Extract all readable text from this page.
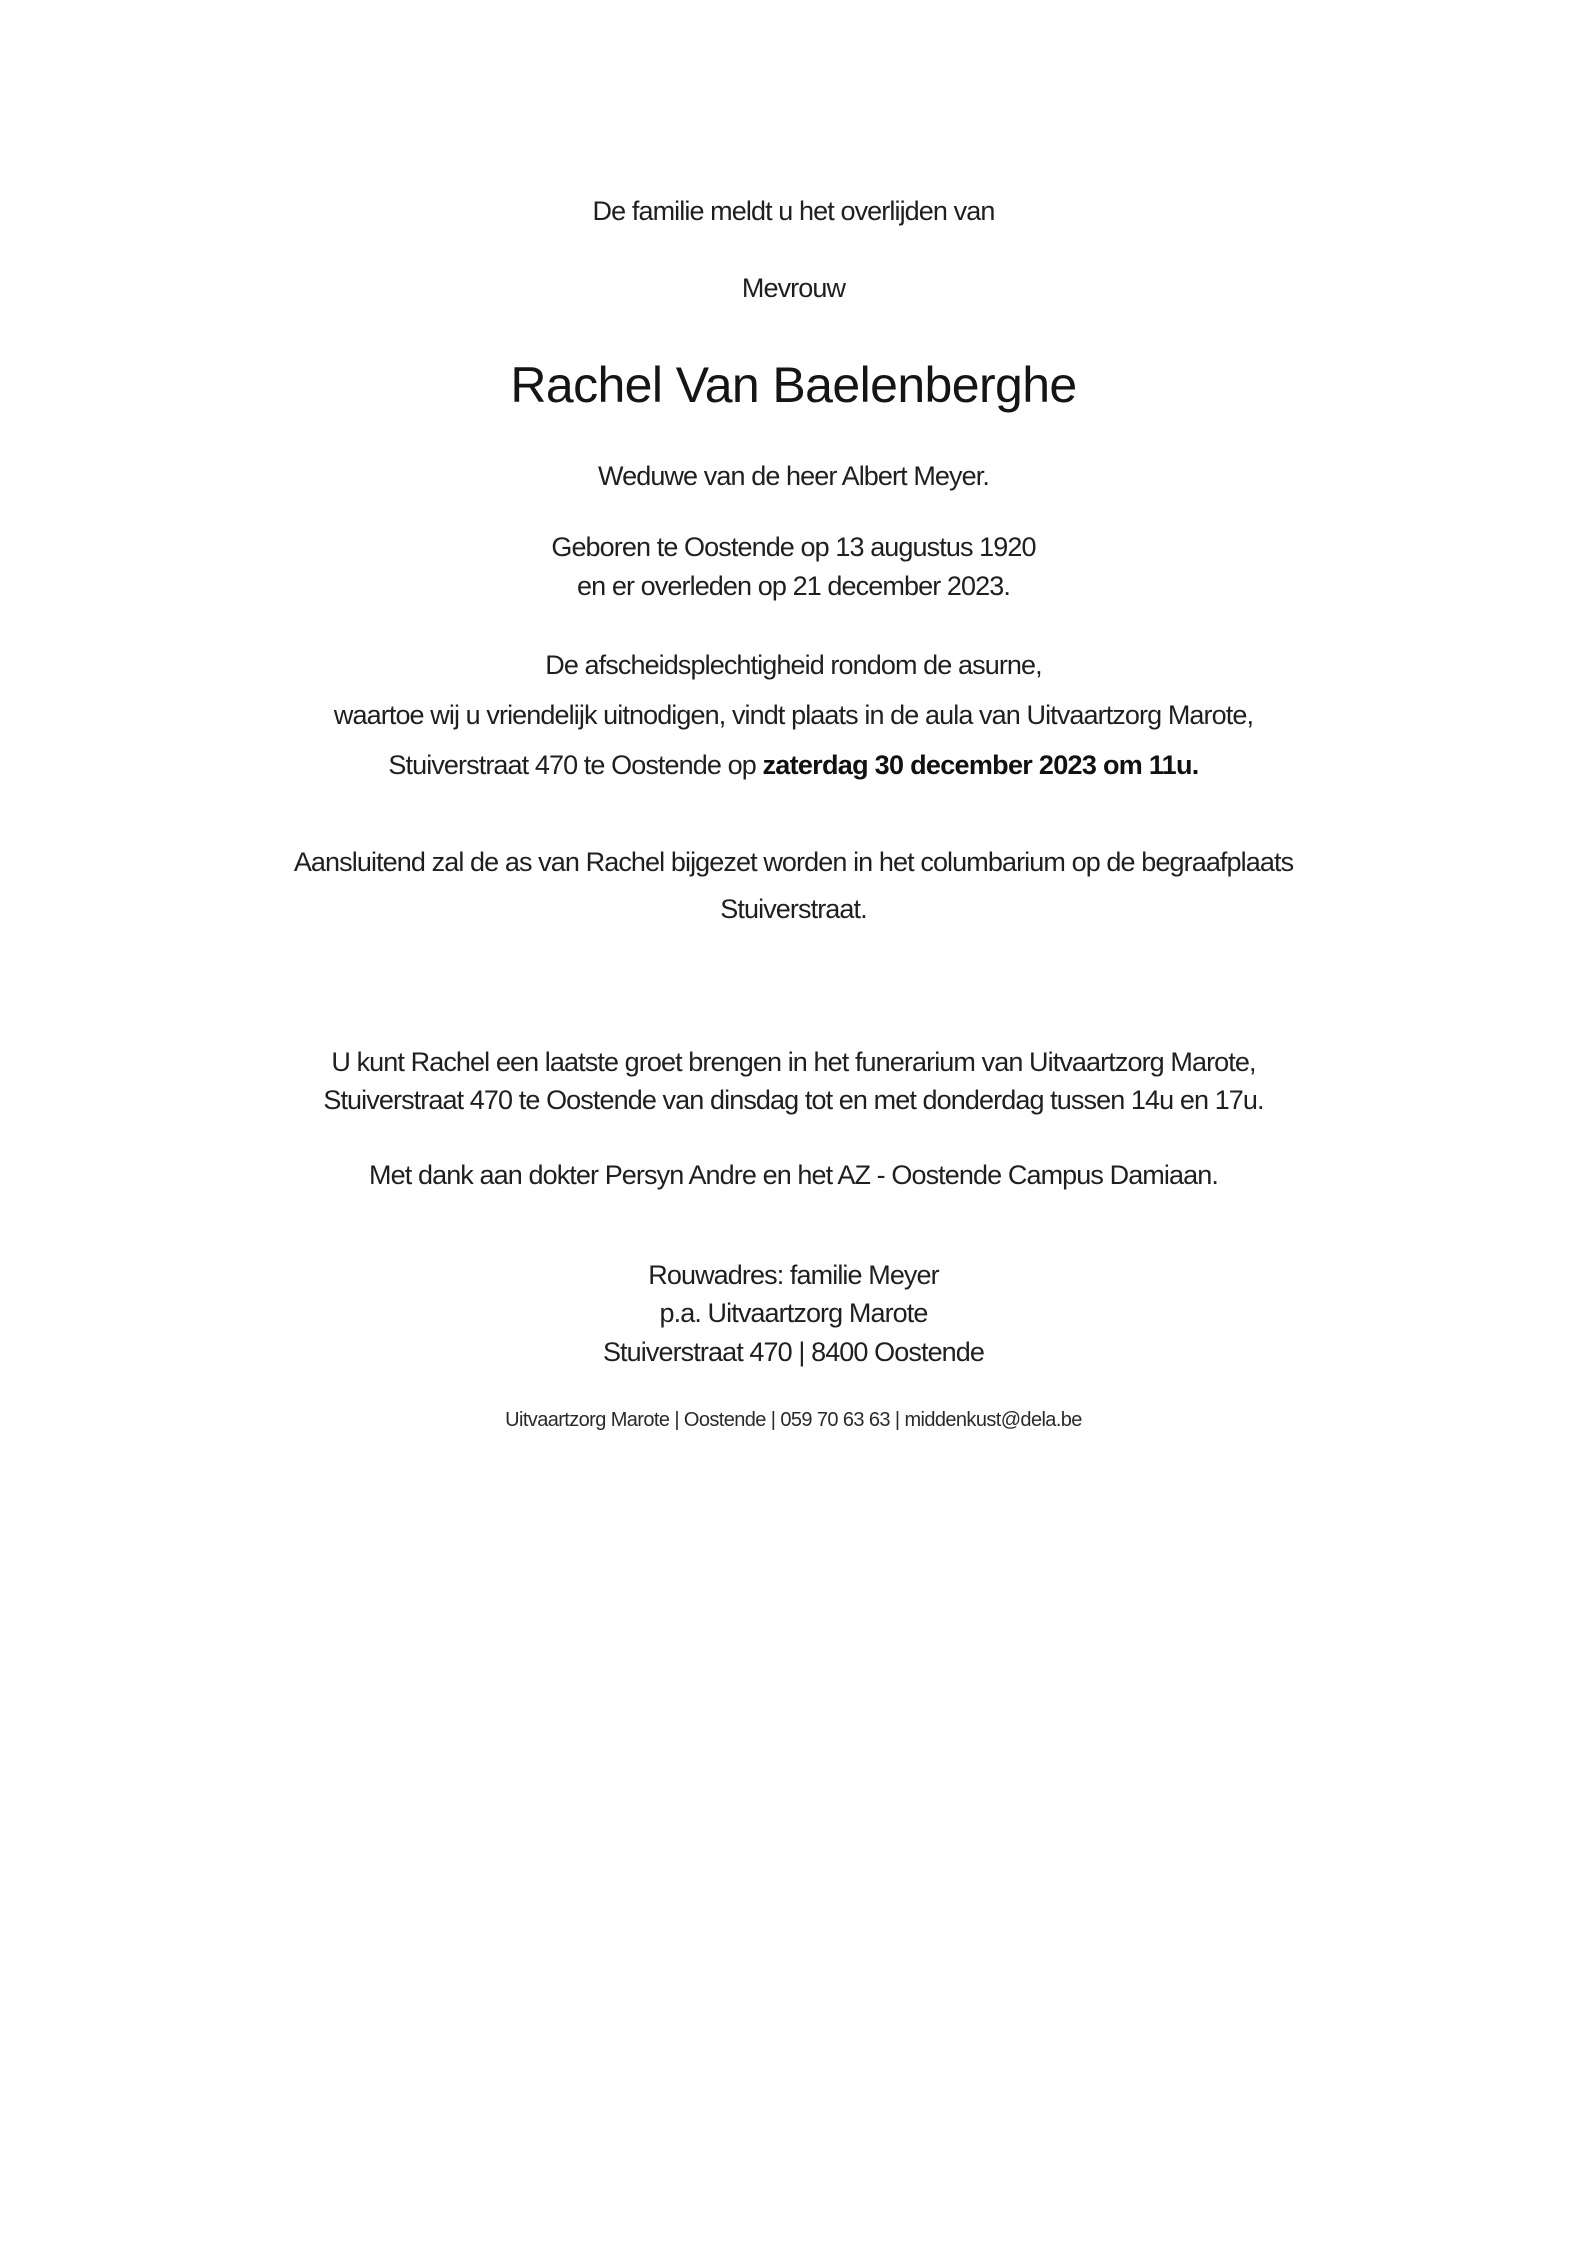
De familie meldt u het overlijden van
Mevrouw
Rachel Van Baelenberghe
Weduwe van de heer Albert Meyer.
Geboren te Oostende op 13 augustus 1920
en er overleden op 21 december 2023.
De afscheidsplechtigheid rondom de asurne,
waartoe wij u vriendelijk uitnodigen, vindt plaats in de aula van Uitvaartzorg Marote,
Stuiverstraat 470 te Oostende op zaterdag 30 december 2023 om 11u.
Aansluitend zal de as van Rachel bijgezet worden in het columbarium op de begraafplaats
Stuiverstraat.
U kunt Rachel een laatste groet brengen in het funerarium van Uitvaartzorg Marote,
Stuiverstraat 470 te Oostende van dinsdag tot en met donderdag tussen 14u en 17u.
Met dank aan dokter Persyn Andre en het AZ - Oostende Campus Damiaan.
Rouwadres: familie Meyer
p.a. Uitvaartzorg Marote
Stuiverstraat 470 | 8400 Oostende
Uitvaartzorg Marote | Oostende | 059 70 63 63 | middenkust@dela.be
